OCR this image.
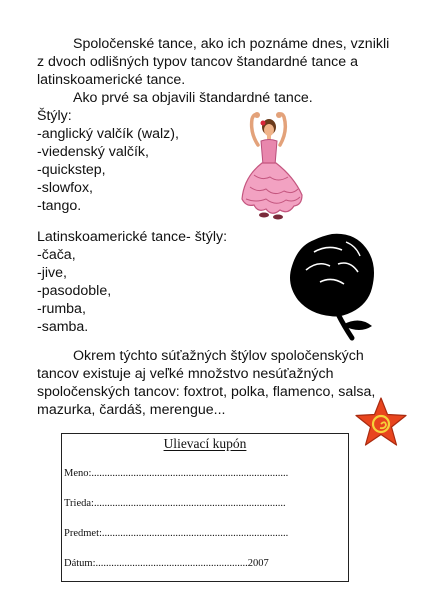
Spoločenské tance, ako ich poznáme dnes, vznikli
z dvoch odlišných typov tancov štandardné tance a
latinskoamerické tance.
Ako prvé sa objavili štandardné tance.
Štýly:
-anglický valčík (walz),
-viedenský valčík,
-quickstep,
-slowfox,
-tango.
Latinskoamerické tance- štýly:
-čača,
-jive,
-pasodoble,
-rumba,
-samba.
Okrem týchto súťažných štýlov spoločenských
tancov existuje aj veľké množstvo nesúťažných
spoločenských tancov: foxtrot, polka, flamenco, salsa,
mazurka, čardáš, merengue...
Ulievací kupón
Meno:...........................................................................
Trieda:.........................................................................
Predmet:.......................................................................
Dátum:..........................................................2007
